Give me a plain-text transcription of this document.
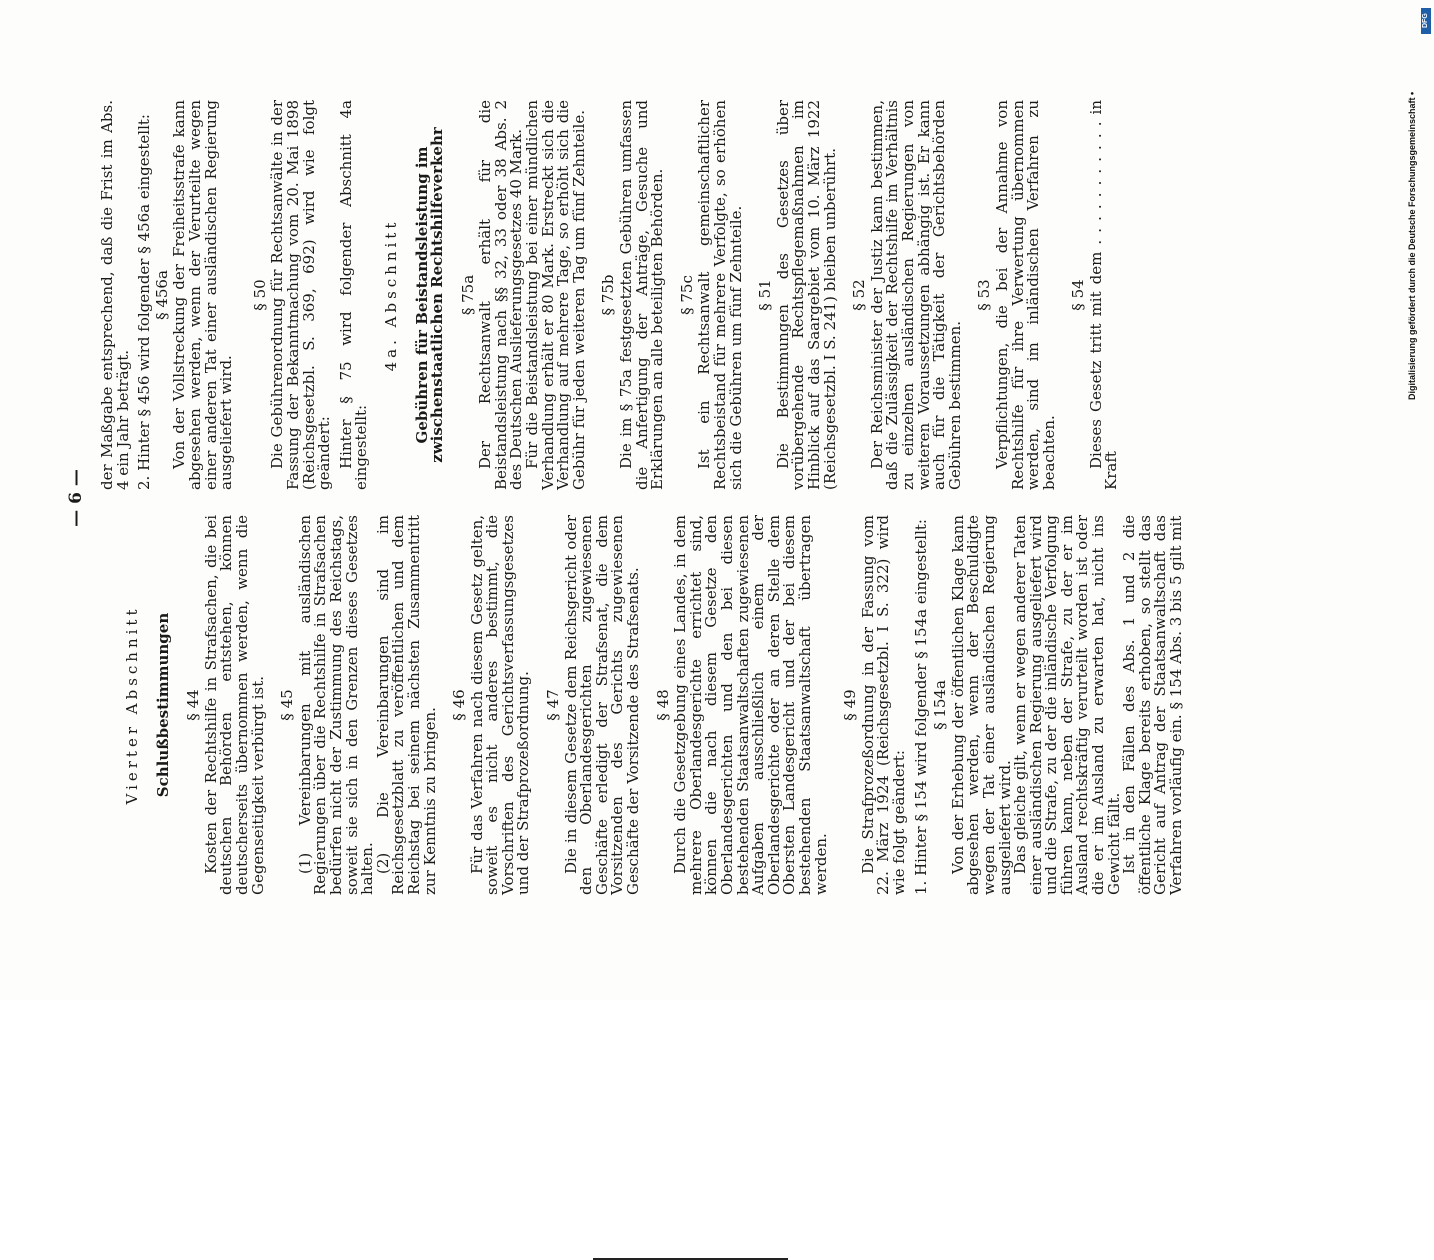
— 6 —

Vierter Abschnitt Schlußbestimmungen § 44 Kosten der Rechtshilfe in Strafsachen, die bei deutschen Behörden entstehen, können deutscherseits übernommen werden, wenn die Gegenseitigkeit verbürgt ist. § 45 (1) Vereinbarungen mit ausländischen Regierungen über die Rechtshilfe in Strafsachen bedürfen nicht der Zustimmung des Reichstags, soweit sie sich in den Grenzen dieses Gesetzes halten.

(2) Die Vereinbarungen sind im Reichsgesetzblatt zu veröffentlichen und dem Reichstag bei seinem nächsten Zusammentritt zur Kenntnis zu bringen.

§ 46 Für das Verfahren nach diesem Gesetz gelten, soweit es nicht anderes bestimmt, die Vorschriften des Gerichtsverfassungsgesetzes und der Strafprozeßordnung. § 47 Die in diesem Gesetze dem Reichsgericht oder den Oberlandesgerichten zugewiesenen Geschäfte erledigt der Strafsenat, die dem Vorsitzenden des Gerichts zugewiesenen Geschäfte der Vorsitzende des Strafsenats. § 48 Durch die Gesetzgebung eines Landes, in dem mehrere Oberlandesgerichte errichtet sind, können die nach diesem Gesetze den Oberlandesgerichten und den bei diesen bestehenden Staatsanwaltschaften zugewiesenen Aufgaben ausschließlich einem der Oberlandesgerichte oder an deren Stelle dem Obersten Landesgericht und der bei diesem bestehenden Staatsanwaltschaft übertragen werden.

§ 49 Die Strafprozeßordnung in der Fassung vom 22. März 1924 (Reichsgesetzbl. I S. 322) wird wie folgt geändert: 1. Hinter § 154 wird folgender § 154a eingestellt: § 154a Von der Erhebung der öffentlichen Klage kann abgesehen werden, wenn der Beschuldigte wegen der Tat einer ausländischen Regierung ausgeliefert wird.

Das gleiche gilt, wenn er wegen anderer Taten einer ausländischen Regierung ausgeliefert wird und die Strafe, zu der die inländische Verfolgung führen kann, neben der Strafe, zu der er im Ausland rechtskräftig verurteilt worden ist oder die er im Ausland zu erwarten hat, nicht ins Gewicht fällt.

Ist in den Fällen des Abs. 1 und 2 die öffentliche Klage bereits erhoben, so stellt das Gericht auf Antrag der Staatsanwaltschaft das Verfahren vorläufig ein. § 154 Abs. 3 bis 5 gilt mit

der Maßgabe entsprechend, daß die Frist im Abs. 4 ein Jahr beträgt. 2. Hinter § 456 wird folgender § 456a eingestellt: § 456a Von der Vollstreckung der Freiheitsstrafe kann abgesehen werden, wenn der Verurteilte wegen einer anderen Tat einer ausländischen Regierung ausgeliefert wird.

§ 50 Die Gebührenordnung für Rechtsanwälte in der Fassung der Bekanntmachung vom 20. Mai 1898 (Reichsgesetzbl. S. 369, 692) wird wie folgt geändert: Hinter § 75 wird folgender Abschnitt 4a eingestellt:

4a. Abschnitt Gebühren für Beistandsleistung im zwischenstaatlichen Rechtshilfeverkehr § 75a Der Rechtsanwalt erhält für die Beistandsleistung nach §§ 32, 33 oder 38 Abs. 2 des Deutschen Auslieferungsgesetzes 40 Mark.

Für die Beistandsleistung bei einer mündlichen Verhandlung erhält er 80 Mark. Erstreckt sich die Verhandlung auf mehrere Tage, so erhöht sich die Gebühr für jeden weiteren Tag um fünf Zehnteile. § 75b Die im § 75a festgesetzten Gebühren umfassen die Anfertigung der Anträge, Gesuche und Erklärungen an alle beteiligten Behörden. § 75c Ist ein Rechtsanwalt gemeinschaftlicher Rechtsbeistand für mehrere Verfolgte, so erhöhen sich die Gebühren um fünf Zehnteile. § 51 Die Bestimmungen des Gesetzes über vorübergehende Rechtspflegemaßnahmen im Hinblick auf das Saargebiet vom 10. März 1922 (Reichsgesetzbl. I S. 241) bleiben unberührt. § 52 Der Reichsminister der Justiz kann bestimmen, daß die Zulässigkeit der Rechtshilfe im Verhältnis zu einzelnen ausländischen Regierungen von weiteren Voraussetzungen abhängig ist. Er kann auch für die Tätigkeit der Gerichtsbehörden Gebühren bestimmen.

§ 53 Verpflichtungen, die bei der Annahme von Rechtshilfe für ihre Verwertung übernommen werden, sind im inländischen Verfahren zu beachten.

§ 54 Dieses Gesetz tritt mit dem . . . . . . . . . . . in Kraft

DFG
Digitalisierung gefördert durch die Deutsche Forschungsgemeinschaft •
